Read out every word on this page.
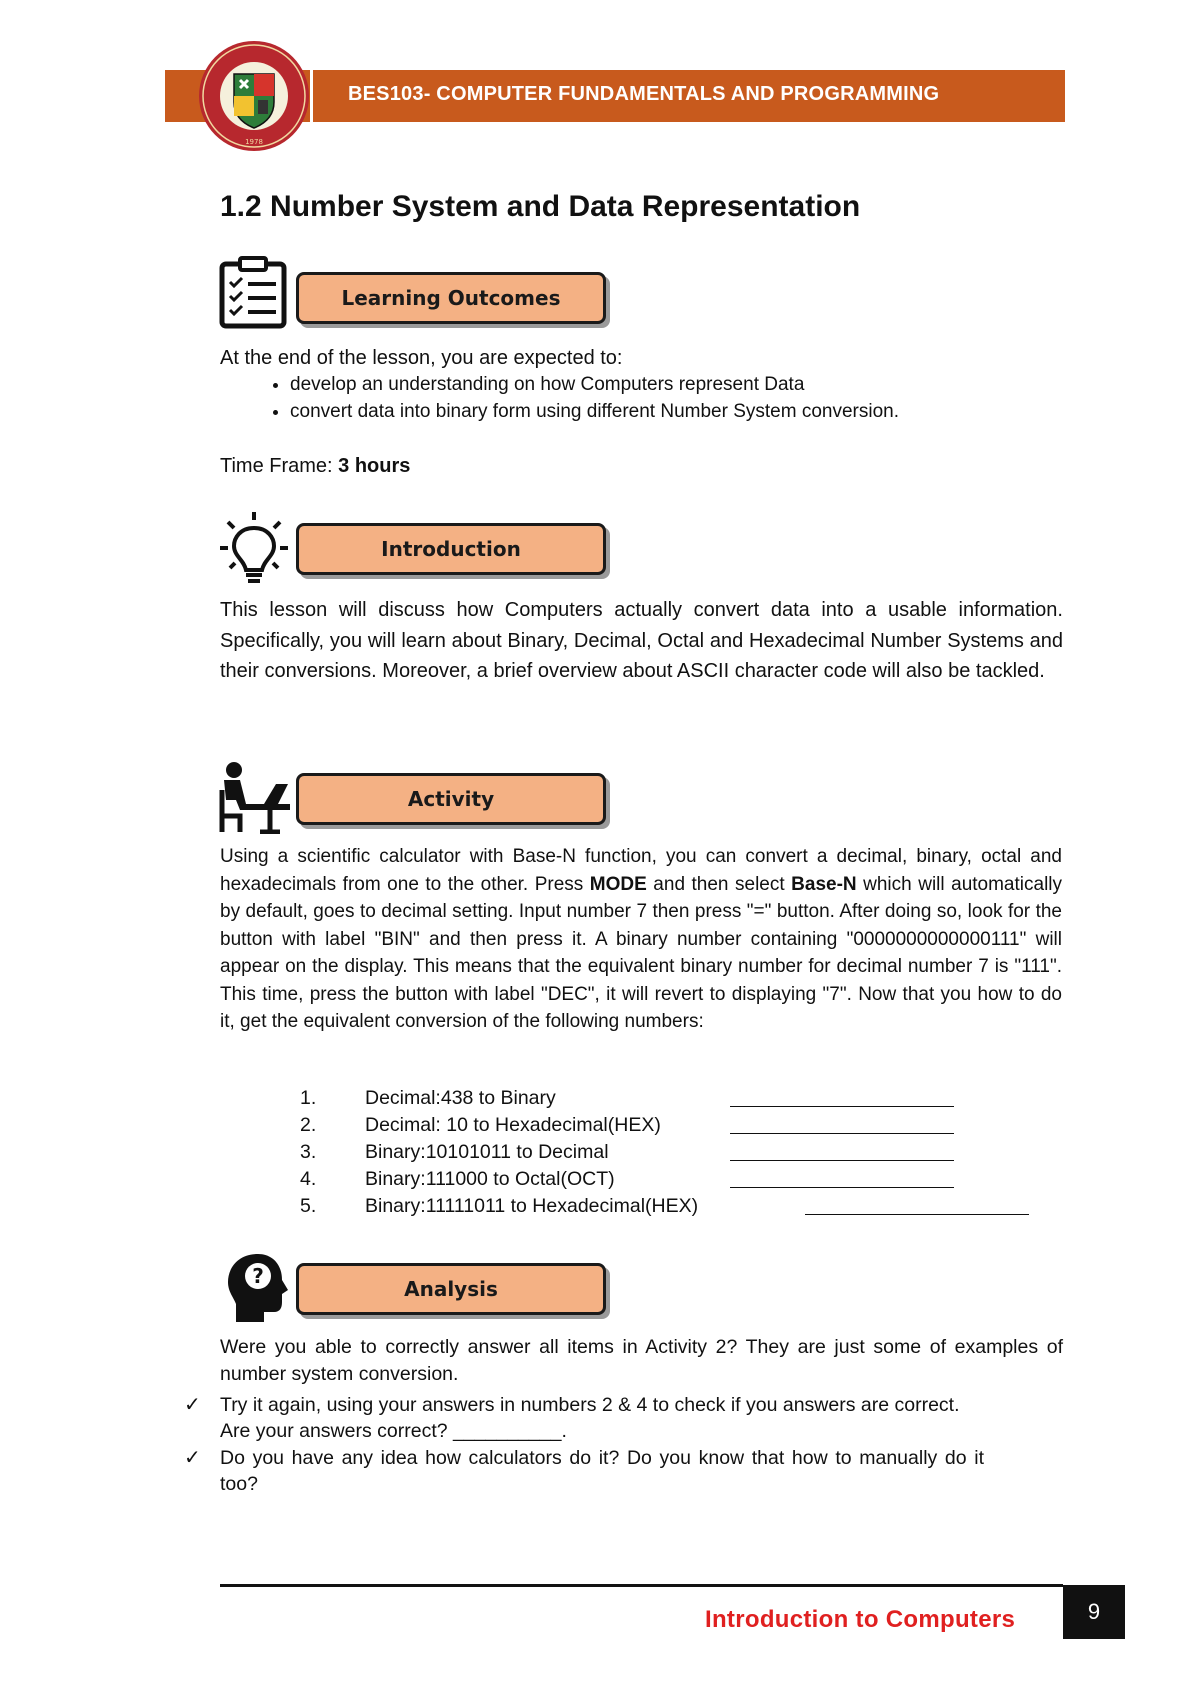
BES103- COMPUTER FUNDAMENTALS AND PROGRAMMING
1978
1.2 Number System and Data Representation
Learning Outcomes

At the end of the lesson, you are expected to:

• develop an understanding on how Computers represent Data
• convert data into binary form using different Number System conversion.

Time Frame: 3 hours

Introduction

This lesson will discuss how Computers actually convert data into a usable information. Specifically, you will learn about Binary, Decimal, Octal and Hexadecimal Number Systems and their conversions. Moreover, a brief overview about ASCII character code will also be tackled.

Activity

Using a scientific calculator with Base-N function, you can convert a decimal, binary, octal and hexadecimals from one to the other. Press MODE and then select Base-N which will automatically by default, goes to decimal setting. Input number 7 then press "=" button. After doing so, look for the button with label "BIN" and then press it. A binary number containing "0000000000000111" will appear on the display. This means that the equivalent binary number for decimal number 7 is "111". This time, press the button with label "DEC", it will revert to displaying "7". Now that you how to do it, get the equivalent conversion of the following numbers:

1.	Decimal:438 to Binary
2.	Decimal: 10 to Hexadecimal(HEX)
3.	Binary:10101011 to Decimal
4.	Binary:111000 to Octal(OCT)
5.	Binary:11111011 to Hexadecimal(HEX)
?
Analysis

Were you able to correctly answer all items in Activity 2? They are just some of examples of number system conversion.

✓ Try it again, using your answers in numbers 2 & 4 to check if you answers are correct. Are your answers correct? __________.
✓ Do you have any idea how calculators do it? Do you know that how to manually do it too?
Introduction to Computers	9
